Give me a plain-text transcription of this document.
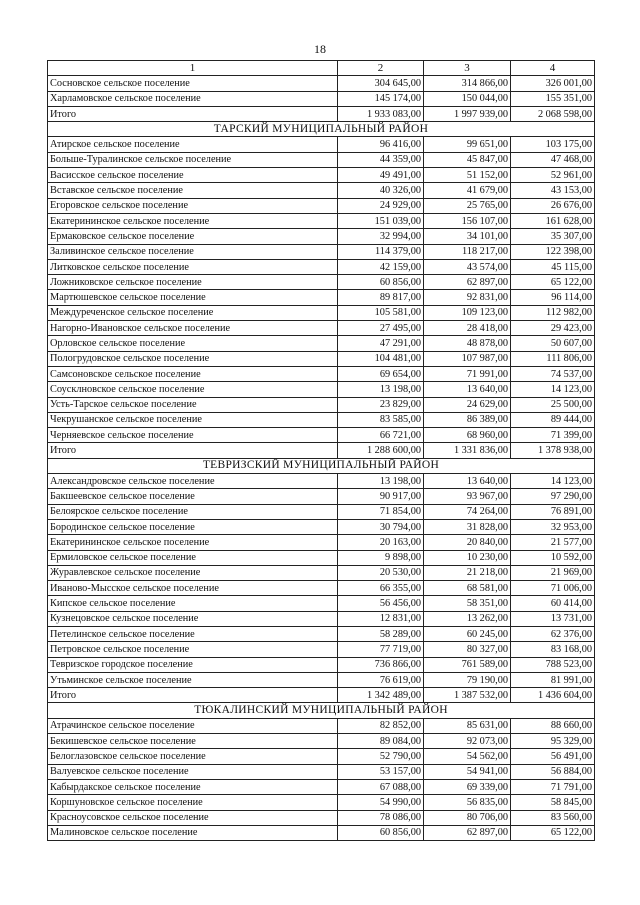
18
1	2	3	4
Сосновское сельское поселение	304 645,00	314 866,00	326 001,00
Харламовское сельское поселение	145 174,00	150 044,00	155 351,00
Итого	1 933 083,00	1 997 939,00	2 068 598,00
ТАРСКИЙ МУНИЦИПАЛЬНЫЙ РАЙОН			
Атирское сельское поселение	96 416,00	99 651,00	103 175,00
Больше-Туралинское сельское поселение	44 359,00	45 847,00	47 468,00
Васисское сельское поселение	49 491,00	51 152,00	52 961,00
Вставское сельское поселение	40 326,00	41 679,00	43 153,00
Егоровское сельское поселение	24 929,00	25 765,00	26 676,00
Екатерининское сельское поселение	151 039,00	156 107,00	161 628,00
Ермаковское сельское поселение	32 994,00	34 101,00	35 307,00
Заливинское сельское поселение	114 379,00	118 217,00	122 398,00
Литковское сельское поселение	42 159,00	43 574,00	45 115,00
Ложниковское сельское поселение	60 856,00	62 897,00	65 122,00
Мартюшевское сельское поселение	89 817,00	92 831,00	96 114,00
Междуреченское сельское поселение	105 581,00	109 123,00	112 982,00
Нагорно-Ивановское сельское поселение	27 495,00	28 418,00	29 423,00
Орловское сельское поселение	47 291,00	48 878,00	50 607,00
Пологрудовское сельское поселение	104 481,00	107 987,00	111 806,00
Самсоновское сельское поселение	69 654,00	71 991,00	74 537,00
Соусклновское сельское поселение	13 198,00	13 640,00	14 123,00
Усть-Тарское сельское поселение	23 829,00	24 629,00	25 500,00
Чекрушанское сельское поселение	83 585,00	86 389,00	89 444,00
Черняевское сельское поселение	66 721,00	68 960,00	71 399,00
Итого	1 288 600,00	1 331 836,00	1 378 938,00
ТЕВРИЗСКИЙ МУНИЦИПАЛЬНЫЙ РАЙОН			
Александровское сельское поселение	13 198,00	13 640,00	14 123,00
Бакшеевское сельское поселение	90 917,00	93 967,00	97 290,00
Белоярское сельское поселение	71 854,00	74 264,00	76 891,00
Бородинское сельское поселение	30 794,00	31 828,00	32 953,00
Екатерининское сельское поселение	20 163,00	20 840,00	21 577,00
Ермиловское сельское поселение	9 898,00	10 230,00	10 592,00
Журавлевское сельское поселение	20 530,00	21 218,00	21 969,00
Иваново-Мысское сельское поселение	66 355,00	68 581,00	71 006,00
Кипское сельское поселение	56 456,00	58 351,00	60 414,00
Кузнецовское сельское поселение	12 831,00	13 262,00	13 731,00
Петелинское сельское поселение	58 289,00	60 245,00	62 376,00
Петровское сельское поселение	77 719,00	80 327,00	83 168,00
Тевризское городское поселение	736 866,00	761 589,00	788 523,00
Утьминское сельское поселение	76 619,00	79 190,00	81 991,00
Итого	1 342 489,00	1 387 532,00	1 436 604,00
ТЮКАЛИНСКИЙ МУНИЦИПАЛЬНЫЙ РАЙОН			
Атрачинское сельское поселение	82 852,00	85 631,00	88 660,00
Бекишевское сельское поселение	89 084,00	92 073,00	95 329,00
Белоглазовское сельское поселение	52 790,00	54 562,00	56 491,00
Валуевское сельское поселение	53 157,00	54 941,00	56 884,00
Кабырдакское сельское поселение	67 088,00	69 339,00	71 791,00
Коршуновское сельское поселение	54 990,00	56 835,00	58 845,00
Красноусовское сельское поселение	78 086,00	80 706,00	83 560,00
Малиновское сельское поселение	60 856,00	62 897,00	65 122,00
